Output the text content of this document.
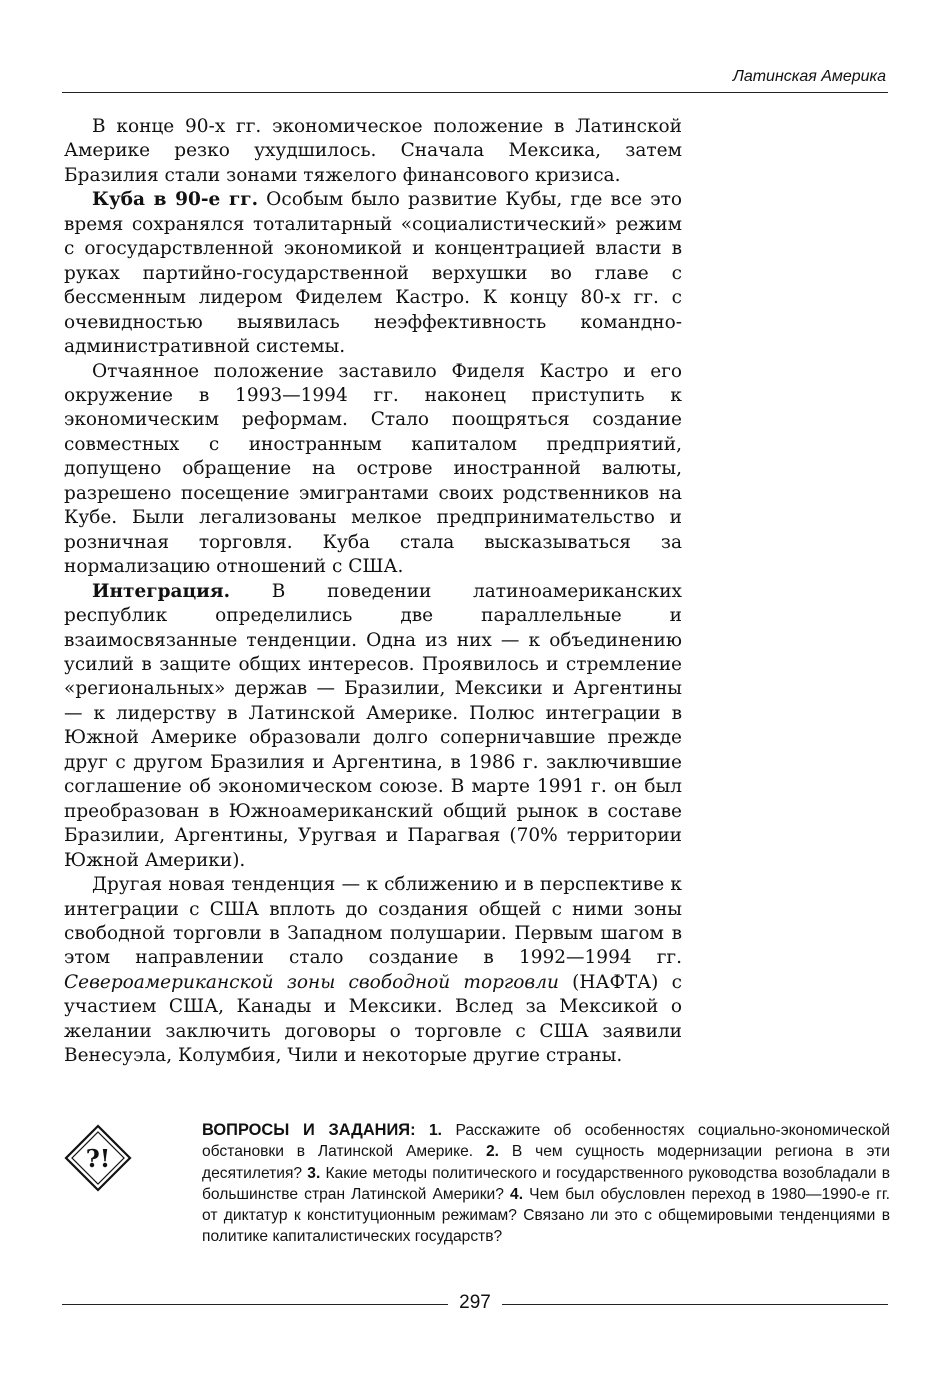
Латинская Америка

В конце 90-х гг. экономическое положение в Латинской Америке резко ухудшилось. Сначала Мексика, затем Бразилия стали зонами тяжелого финансового кризиса.

Куба в 90-е гг. Особым было развитие Кубы, где все это время сохранялся тоталитарный «социалистический» режим с огосударствленной экономикой и концентрацией власти в руках партийно-государственной верхушки во главе с бессменным лидером Фиделем Кастро. К концу 80-х гг. с очевидностью выявилась неэффективность командно-административной системы.

Отчаянное положение заставило Фиделя Кастро и его окружение в 1993—1994 гг. наконец приступить к экономическим реформам. Стало поощряться создание совместных с иностранным капиталом предприятий, допущено обращение на острове иностранной валюты, разрешено посещение эмигрантами своих родственников на Кубе. Были легализованы мелкое предпринимательство и розничная торговля. Куба стала высказываться за нормализацию отношений с США.

Интеграция. В поведении латиноамериканских республик определились две параллельные и взаимосвязанные тенденции. Одна из них — к объединению усилий в защите общих интересов. Проявилось и стремление «региональных» держав — Бразилии, Мексики и Аргентины — к лидерству в Латинской Америке. Полюс интеграции в Южной Америке образовали долго соперничавшие прежде друг с другом Бразилия и Аргентина, в 1986 г. заключившие соглашение об экономическом союзе. В марте 1991 г. он был преобразован в Южноамериканский общий рынок в составе Бразилии, Аргентины, Уругвая и Парагвая (70% территории Южной Америки).

Другая новая тенденция — к сближению и в перспективе к интеграции с США вплоть до создания общей с ними зоны свободной торговли в Западном полушарии. Первым шагом в этом направлении стало создание в 1992—1994 гг. Североамериканской зоны свободной торговли (НАФТА) с участием США, Канады и Мексики. Вслед за Мексикой о желании заключить договоры о торговле с США заявили Венесуэла, Колумбия, Чили и некоторые другие страны.

?!
ВОПРОСЫ И ЗАДАНИЯ: 1. Расскажите об особенностях социально-экономической обстановки в Латинской Америке. 2. В чем сущность модернизации региона в эти десятилетия? 3. Какие методы политического и государственного руководства возобладали в большинстве стран Латинской Америки? 4. Чем был обусловлен переход в 1980—1990-е гг. от диктатур к конституционным режимам? Связано ли это с общемировыми тенденциями в политике капиталистических государств?
297
